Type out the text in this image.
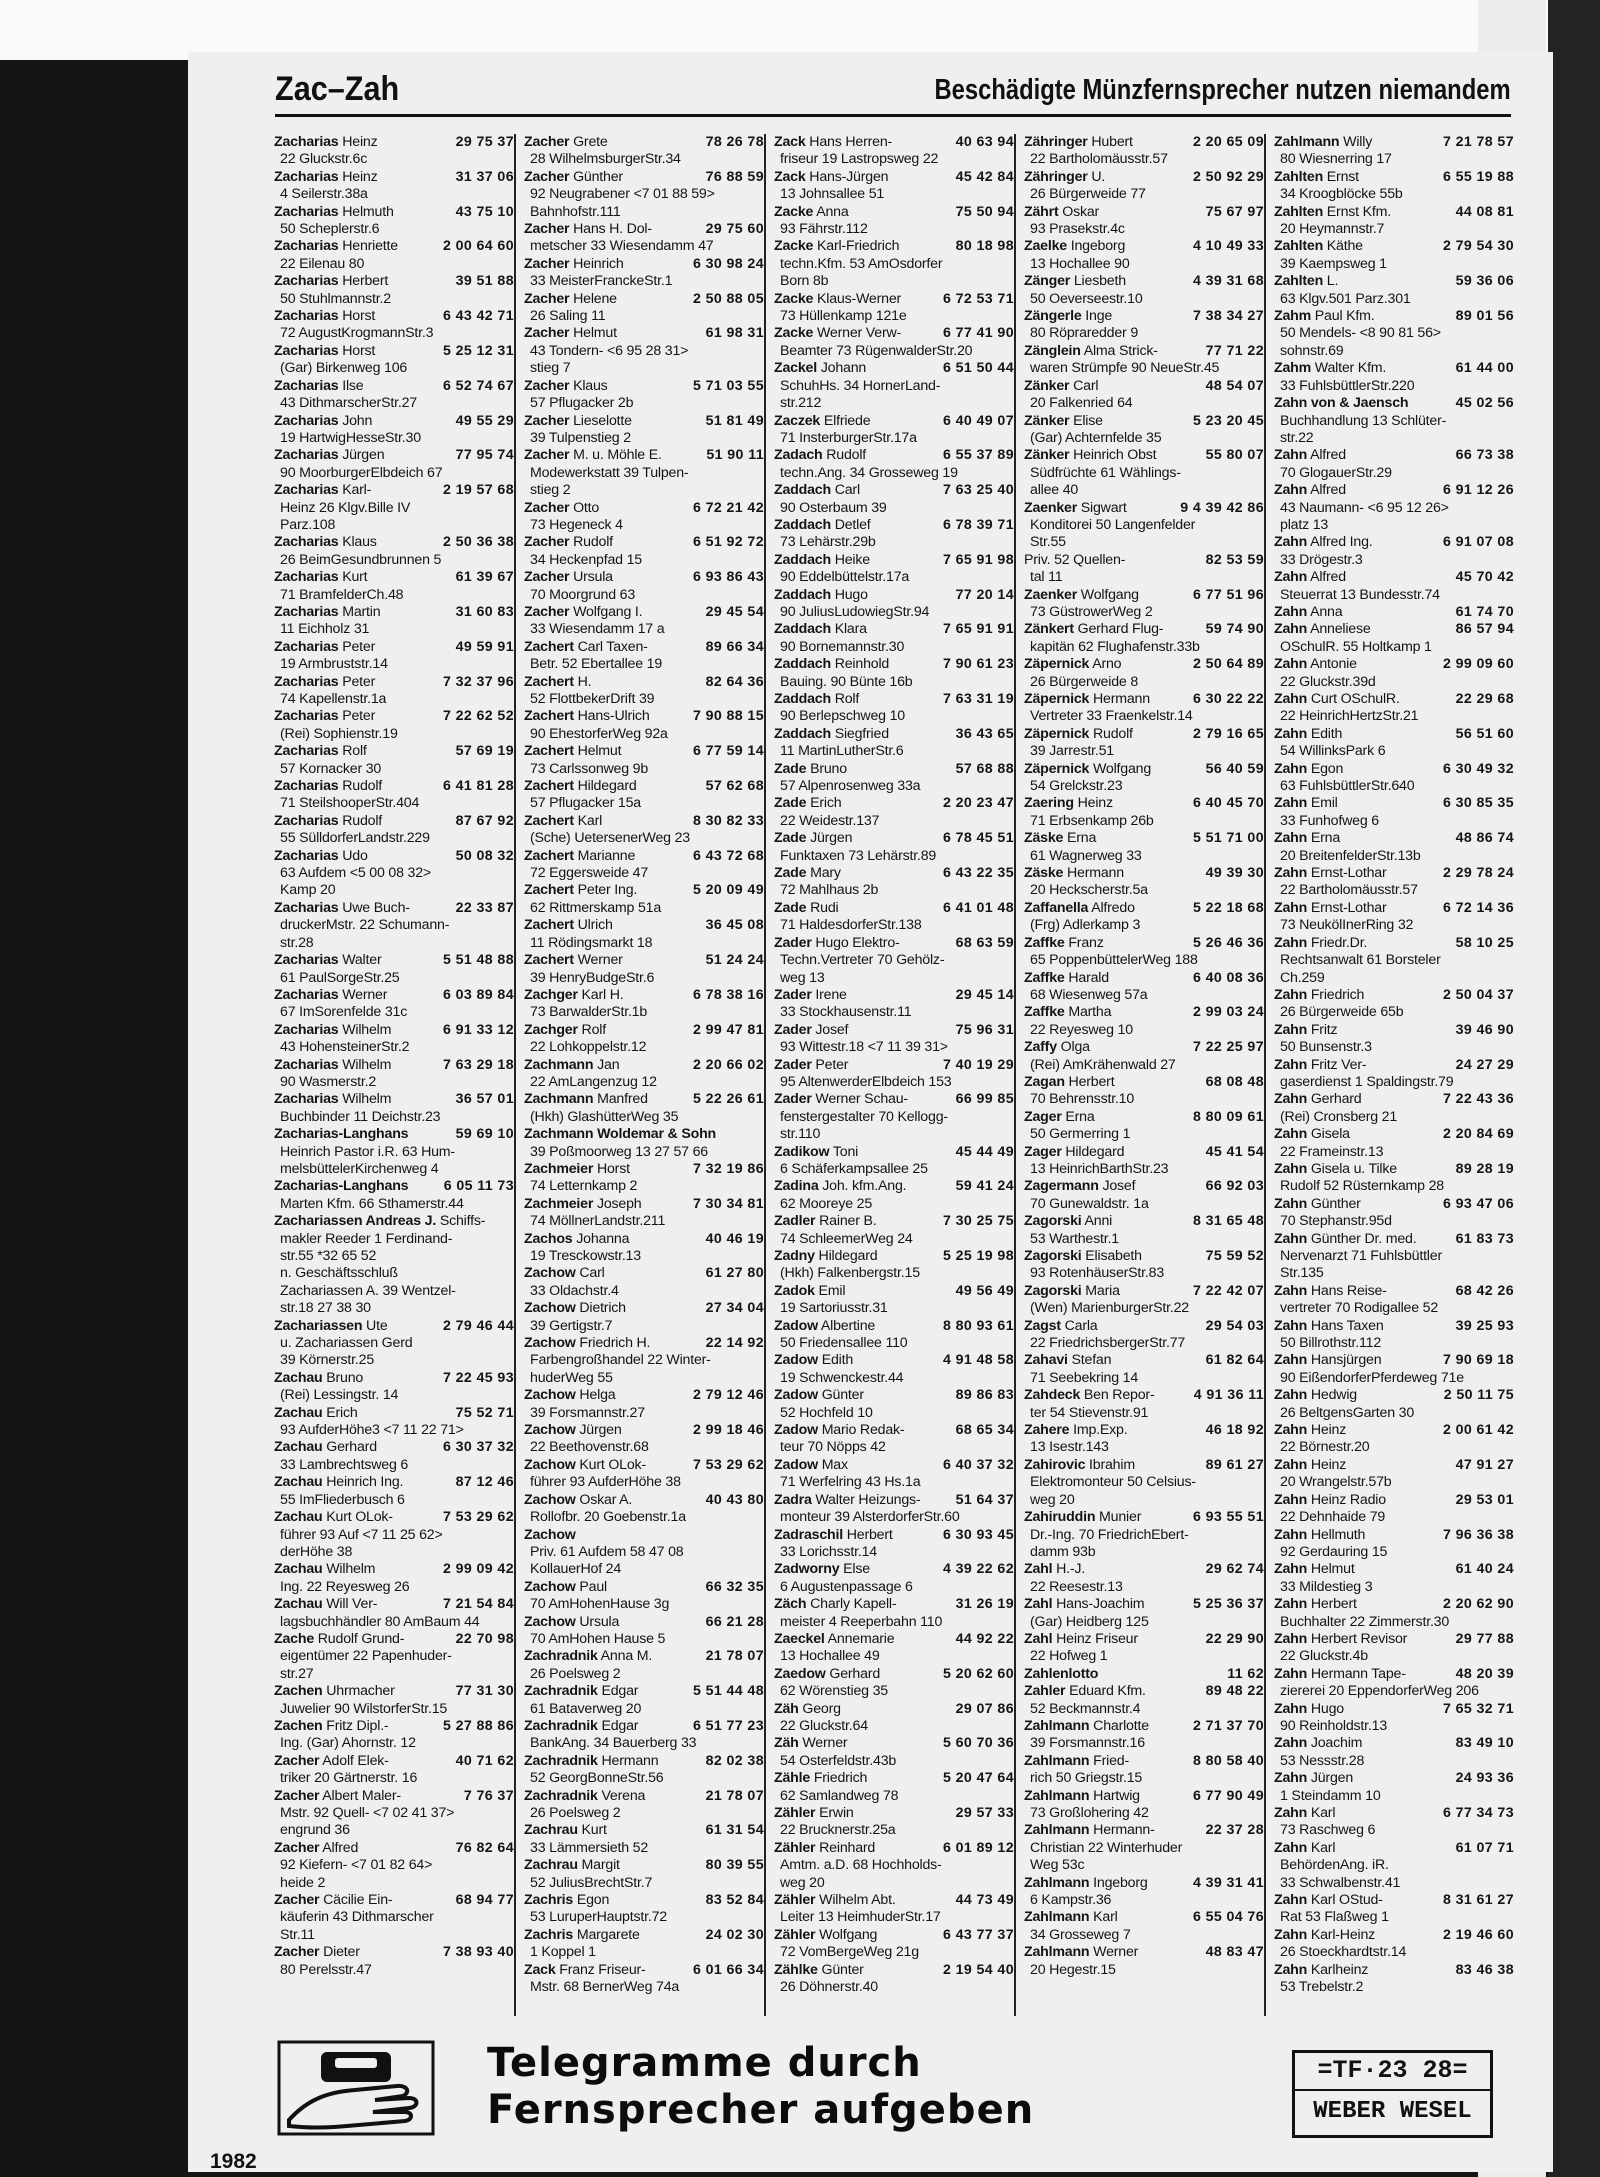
Zac–Zah	Beschädigte Münzfernsprecher nutzen niemandem
Zacharias Heinz	29 75 37
22 Gluckstr.6c
Zacharias Heinz	31 37 06
4 Seilerstr.38a
Zacharias Helmuth	43 75 10
50 Scheplerstr.6
Zacharias Henriette	2 00 64 60
22 Eilenau 80
Zacharias Herbert	39 51 88
50 Stuhlmannstr.2
Zacharias Horst	6 43 42 71
72 AugustKrogmannStr.3
Zacharias Horst	5 25 12 31
(Gar) Birkenweg 106
Zacharias Ilse	6 52 74 67
43 DithmarscherStr.27
Zacharias John	49 55 29
19 HartwigHesseStr.30
Zacharias Jürgen	77 95 74
90 MoorburgerElbdeich 67
Zacharias Karl-	2 19 57 68
Heinz 26 Klgv.Bille IV
Parz.108
Zacharias Klaus	2 50 36 38
26 BeimGesundbrunnen 5
Zacharias Kurt	61 39 67
71 BramfelderCh.48
Zacharias Martin	31 60 83
11 Eichholz 31
Zacharias Peter	49 59 91
19 Armbruststr.14
Zacharias Peter	7 32 37 96
74 Kapellenstr.1a
Zacharias Peter	7 22 62 52
(Rei) Sophienstr.19
Zacharias Rolf	57 69 19
57 Kornacker 30
Zacharias Rudolf	6 41 81 28
71 SteilshooperStr.404
Zacharias Rudolf	87 67 92
55 SülldorferLandstr.229
Zacharias Udo	50 08 32
63 Aufdem <5 00 08 32>
Kamp 20
Zacharias Uwe Buch-	22 33 87
druckerMstr. 22 Schumann-
str.28
Zacharias Walter	5 51 48 88
61 PaulSorgeStr.25
Zacharias Werner	6 03 89 84
67 ImSorenfelde 31c
Zacharias Wilhelm	6 91 33 12
43 HohensteinerStr.2
Zacharias Wilhelm	7 63 29 18
90 Wasmerstr.2
Zacharias Wilhelm	36 57 01
Buchbinder 11 Deichstr.23
Zacharias-Langhans	59 69 10
Heinrich Pastor i.R. 63 Hum-
melsbüttelerKirchenweg 4
Zacharias-Langhans 6 05 11 73
Marten Kfm. 66 Sthamerstr.44
Zachariassen Andreas J. Schiffs-
makler Reeder 1 Ferdinand-
str.55 *32 65 52
n. Geschäftsschluß
Zachariassen A. 39 Wentzel-
str.18 27 38 30
Zachariassen Ute	2 79 46 44
u. Zachariassen Gerd
39 Körnerstr.25
Zachau Bruno	7 22 45 93
(Rei) Lessingstr. 14
Zachau Erich	75 52 71
93 AufderHöhe3 <7 11 22 71>
Zachau Gerhard	6 30 37 32
33 Lambrechtsweg 6
Zachau Heinrich Ing.	87 12 46
55 ImFliederbusch 6
Zachau Kurt OLok-	7 53 29 62
führer 93 Auf <7 11 25 62>
derHöhe 38
Zachau Wilhelm	2 99 09 42
Ing. 22 Reyesweg 26
Zachau Will Ver-	7 21 54 84
lagsbuchhändler 80 AmBaum 44
Zache Rudolf Grund-	22 70 98
eigentümer 22 Papenhuder-
str.27
Zachen Uhrmacher	77 31 30
Juwelier 90 WilstorferStr.15
Zachen Fritz Dipl.-	5 27 88 86
Ing. (Gar) Ahornstr. 12
Zacher Adolf Elek-	40 71 62
triker 20 Gärtnerstr. 16
Zacher Albert Maler-	7 76 37
Mstr. 92 Quell- <7 02 41 37>
engrund 36
Zacher Alfred	76 82 64
92 Kiefern- <7 01 82 64>
heide 2
Zacher Cäcilie Ein-	68 94 77
käuferin 43 Dithmarscher
Str.11
Zacher Dieter	7 38 93 40
80 Perelsstr.47
Zacher Grete	78 26 78
28 WilhelmsburgerStr.34
Zacher Günther	76 88 59
92 Neugrabener <7 01 88 59>
Bahnhofstr.111
Zacher Hans H. Dol-	29 75 60
metscher 33 Wiesendamm 47
Zacher Heinrich	6 30 98 24
33 MeisterFranckeStr.1
Zacher Helene	2 50 88 05
26 Saling 11
Zacher Helmut	61 98 31
43 Tondern- <6 95 28 31>
stieg 7
Zacher Klaus	5 71 03 55
57 Pflugacker 2b
Zacher Lieselotte	51 81 49
39 Tulpenstieg 2
Zacher M. u. Möhle E.	51 90 11
Modewerkstatt 39 Tulpen-
stieg 2
Zacher Otto	6 72 21 42
73 Hegeneck 4
Zacher Rudolf	6 51 92 72
34 Heckenpfad 15
Zacher Ursula	6 93 86 43
70 Moorgrund 63
Zacher Wolfgang I.	29 45 54
33 Wiesendamm 17 a
Zachert Carl Taxen-	89 66 34
Betr. 52 Ebertallee 19
Zachert H.	82 64 36
52 FlottbekerDrift 39
Zachert Hans-Ulrich	7 90 88 15
90 EhestorferWeg 92a
Zachert Helmut	6 77 59 14
73 Carlssonweg 9b
Zachert Hildegard	57 62 68
57 Pflugacker 15a
Zachert Karl	8 30 82 33
(Sche) UetersenerWeg 23
Zachert Marianne	6 43 72 68
72 Eggersweide 47
Zachert Peter Ing.	5 20 09 49
62 Rittmerskamp 51a
Zachert Ulrich	36 45 08
11 Rödingsmarkt 18
Zachert Werner	51 24 24
39 HenryBudgeStr.6
Zachger Karl H.	6 78 38 16
73 BarwalderStr.1b
Zachger Rolf	2 99 47 81
22 Lohkoppelstr.12
Zachmann Jan	2 20 66 02
22 AmLangenzug 12
Zachmann Manfred	5 22 26 61
(Hkh) GlashütterWeg 35
Zachmann Woldemar & Sohn
39 Poßmoorweg 13 27 57 66
Zachmeier Horst	7 32 19 86
74 Letternkamp 2
Zachmeier Joseph	7 30 34 81
74 MöllnerLandstr.211
Zachos Johanna	40 46 19
19 Tresckowstr.13
Zachow Carl	61 27 80
33 Oldachstr.4
Zachow Dietrich	27 34 04
39 Gertigstr.7
Zachow Friedrich H.	22 14 92
Farbengroßhandel 22 Winter-
huderWeg 55
Zachow Helga	2 79 12 46
39 Forsmannstr.27
Zachow Jürgen	2 99 18 46
22 Beethovenstr.68
Zachow Kurt OLok-	7 53 29 62
führer 93 AufderHöhe 38
Zachow Oskar A.	40 43 80
Rollofbr. 20 Goebenstr.1a
Zachow
Priv. 61 Aufdem 58 47 08
KollauerHof 24
Zachow Paul	66 32 35
70 AmHohenHause 3g
Zachow Ursula	66 21 28
70 AmHohen Hause 5
Zachradnik Anna M.	21 78 07
26 Poelsweg 2
Zachradnik Edgar	5 51 44 48
61 Bataverweg 20
Zachradnik Edgar	6 51 77 23
BankAng. 34 Bauerberg 33
Zachradnik Hermann	82 02 38
52 GeorgBonneStr.56
Zachradnik Verena	21 78 07
26 Poelsweg 2
Zachrau Kurt	61 31 54
33 Lämmersieth 52
Zachrau Margit	80 39 55
52 JuliusBrechtStr.7
Zachris Egon	83 52 84
53 LuruperHauptstr.72
Zachris Margarete	24 02 30
1 Koppel 1
Zack Franz Friseur-	6 01 66 34
Mstr. 68 BernerWeg 74a
Zack Hans Herren-	40 63 94
friseur 19 Lastropsweg 22
Zack Hans-Jürgen	45 42 84
13 Johnsallee 51
Zacke Anna	75 50 94
93 Fährstr.112
Zacke Karl-Friedrich	80 18 98
techn.Kfm. 53 AmOsdorfer
Born 8b
Zacke Klaus-Werner	6 72 53 71
73 Hüllenkamp 121e
Zacke Werner Verw-	6 77 41 90
Beamter 73 RügenwalderStr.20
Zackel Johann	6 51 50 44
SchuhHs. 34 HornerLand-
str.212
Zaczek Elfriede	6 40 49 07
71 InsterburgerStr.17a
Zadach Rudolf	6 55 37 89
techn.Ang. 34 Grosseweg 19
Zaddach Carl	7 63 25 40
90 Osterbaum 39
Zaddach Detlef	6 78 39 71
73 Lehärstr.29b
Zaddach Heike	7 65 91 98
90 Eddelbüttelstr.17a
Zaddach Hugo	77 20 14
90 JuliusLudowiegStr.94
Zaddach Klara	7 65 91 91
90 Bornemannstr.30
Zaddach Reinhold	7 90 61 23
Bauing. 90 Bünte 16b
Zaddach Rolf	7 63 31 19
90 Berlepschweg 10
Zaddach Siegfried	36 43 65
11 MartinLutherStr.6
Zade Bruno	57 68 88
57 Alpenrosenweg 33a
Zade Erich	2 20 23 47
22 Weidestr.137
Zade Jürgen	6 78 45 51
Funktaxen 73 Lehärstr.89
Zade Mary	6 43 22 35
72 Mahlhaus 2b
Zade Rudi	6 41 01 48
71 HaldesdorferStr.138
Zader Hugo Elektro-	68 63 59
Techn.Vertreter 70 Gehölz-
weg 13
Zader Irene	29 45 14
33 Stockhausenstr.11
Zader Josef	75 96 31
93 Wittestr.18 <7 11 39 31>
Zader Peter	7 40 19 29
95 AltenwerderElbdeich 153
Zader Werner Schau-	66 99 85
fenstergestalter 70 Kellogg-
str.110
Zadikow Toni	45 44 49
6 Schäferkampsallee 25
Zadina Joh. kfm.Ang.	59 41 24
62 Mooreye 25
Zadler Rainer B.	7 30 25 75
74 SchleemerWeg 24
Zadny Hildegard	5 25 19 98
(Hkh) Falkenbergstr.15
Zadok Emil	49 56 49
19 Sartoriusstr.31
Zadow Albertine	8 80 93 61
50 Friedensallee 110
Zadow Edith	4 91 48 58
19 Schwenckestr.44
Zadow Günter	89 86 83
52 Hochfeld 10
Zadow Mario Redak-	68 65 34
teur 70 Nöpps 42
Zadow Max	6 40 37 32
71 Werfelring 43 Hs.1a
Zadra Walter Heizungs- 51 64 37
monteur 39 AlsterdorferStr.60
Zadraschil Herbert	6 30 93 45
33 Lorichsstr.14
Zadworny Else	4 39 22 62
6 Augustenpassage 6
Zäch Charly Kapell-	31 26 19
meister 4 Reeperbahn 110
Zaeckel Annemarie	44 92 22
13 Hochallee 49
Zaedow Gerhard	5 20 62 60
62 Wörenstieg 35
Zäh Georg	29 07 86
22 Gluckstr.64
Zäh Werner	5 60 70 36
54 Osterfeldstr.43b
Zähle Friedrich	5 20 47 64
62 Samlandweg 78
Zähler Erwin	29 57 33
22 Brucknerstr.25a
Zähler Reinhard	6 01 89 12
Amtm. a.D. 68 Hochholds-
weg 20
Zähler Wilhelm Abt.	44 73 49
Leiter 13 HeimhuderStr.17
Zähler Wolfgang	6 43 77 37
72 VomBergeWeg 21g
Zählke Günter	2 19 54 40
26 Döhnerstr.40
Zähringer Hubert	2 20 65 09
22 Bartholomäusstr.57
Zähringer U.	2 50 92 29
26 Bürgerweide 77
Zährt Oskar	75 67 97
93 Prasekstr.4c
Zaelke Ingeborg	4 10 49 33
13 Hochallee 90
Zänger Liesbeth	4 39 31 68
50 Oeverseestr.10
Zängerle Inge	7 38 34 27
80 Röpraredder 9
Zänglein Alma Strick-	77 71 22
waren Strümpfe 90 NeueStr.45
Zänker Carl	48 54 07
20 Falkenried 64
Zänker Elise	5 23 20 45
(Gar) Achternfelde 35
Zänker Heinrich Obst	55 80 07
Südfrüchte 61 Wählings-
allee 40
Zaenker Sigwart	9 4 39 42 86
Konditorei 50 Langenfelder
Str.55
Priv. 52 Quellen-	82 53 59
tal 11
Zaenker Wolfgang	6 77 51 96
73 GüstrowerWeg 2
Zänkert Gerhard Flug-	59 74 90
kapitän 62 Flughafenstr.33b
Zäpernick Arno	2 50 64 89
26 Bürgerweide 8
Zäpernick Hermann	6 30 22 22
Vertreter 33 Fraenkelstr.14
Zäpernick Rudolf	2 79 16 65
39 Jarrestr.51
Zäpernick Wolfgang	56 40 59
54 Grelckstr.23
Zaering Heinz	6 40 45 70
71 Erbsenkamp 26b
Zäske Erna	5 51 71 00
61 Wagnerweg 33
Zäske Hermann	49 39 30
20 Heckscherstr.5a
Zaffanella Alfredo	5 22 18 68
(Frg) Adlerkamp 3
Zaffke Franz	5 26 46 36
65 PoppenbüttelerWeg 188
Zaffke Harald	6 40 08 36
68 Wiesenweg 57a
Zaffke Martha	2 99 03 24
22 Reyesweg 10
Zaffy Olga	7 22 25 97
(Rei) AmKrähenwald 27
Zagan Herbert	68 08 48
70 Behrensstr.10
Zager Erna	8 80 09 61
50 Germerring 1
Zager Hildegard	45 41 54
13 HeinrichBarthStr.23
Zagermann Josef	66 92 03
70 Gunewaldstr. 1a
Zagorski Anni	8 31 65 48
53 Warthestr.1
Zagorski Elisabeth	75 59 52
93 RotenhäuserStr.83
Zagorski Maria	7 22 42 07
(Wen) MarienburgerStr.22
Zagst Carla	29 54 03
22 FriedrichsbergerStr.77
Zahavi Stefan	61 82 64
71 Seebekring 14
Zahdeck Ben Repor-	4 91 36 11
ter 54 Stievenstr.91
Zahere Imp.Exp.	46 18 92
13 Isestr.143
Zahirovic Ibrahim	89 61 27
Elektromonteur 50 Celsius-
weg 20
Zahiruddin Munier	6 93 55 51
Dr.-Ing. 70 FriedrichEbert-
damm 93b
Zahl H.-J.	29 62 74
22 Reesestr.13
Zahl Hans-Joachim	5 25 36 37
(Gar) Heidberg 125
Zahl Heinz Friseur	22 29 90
22 Hofweg 1
Zahlenlotto	11 62
Zahler Eduard Kfm.	89 48 22
52 Beckmannstr.4
Zahlmann Charlotte	2 71 37 70
39 Forsmannstr.16
Zahlmann Fried-	8 80 58 40
rich 50 Griegstr.15
Zahlmann Hartwig	6 77 90 49
73 Großlohering 42
Zahlmann Hermann-	22 37 28
Christian 22 Winterhuder
Weg 53c
Zahlmann Ingeborg	4 39 31 41
6 Kampstr.36
Zahlmann Karl	6 55 04 76
34 Grosseweg 7
Zahlmann Werner	48 83 47
20 Hegestr.15
Zahlmann Willy	7 21 78 57
80 Wiesnerring 17
Zahlten Ernst	6 55 19 88
34 Kroogblöcke 55b
Zahlten Ernst Kfm.	44 08 81
20 Heymannstr.7
Zahlten Käthe	2 79 54 30
39 Kaempsweg 1
Zahlten L.	59 36 06
63 Klgv.501 Parz.301
Zahm Paul Kfm.	89 01 56
50 Mendels- <8 90 81 56>
sohnstr.69
Zahm Walter Kfm.	61 44 00
33 FuhlsbüttlerStr.220
Zahn von & Jaensch	45 02 56
Buchhandlung 13 Schlüter-
str.22
Zahn Alfred	66 73 38
70 GlogauerStr.29
Zahn Alfred	6 91 12 26
43 Naumann- <6 95 12 26>
platz 13
Zahn Alfred Ing.	6 91 07 08
33 Drögestr.3
Zahn Alfred	45 70 42
Steuerrat 13 Bundesstr.74
Zahn Anna	61 74 70
Zahn Anneliese	86 57 94
OSchulR. 55 Holtkamp 1
Zahn Antonie	2 99 09 60
22 Gluckstr.39d
Zahn Curt OSchulR.	22 29 68
22 HeinrichHertzStr.21
Zahn Edith	56 51 60
54 WillinksPark 6
Zahn Egon	6 30 49 32
63 FuhlsbüttlerStr.640
Zahn Emil	6 30 85 35
33 Funhofweg 6
Zahn Erna	48 86 74
20 BreitenfelderStr.13b
Zahn Ernst-Lothar	2 29 78 24
22 Bartholomäusstr.57
Zahn Ernst-Lothar	6 72 14 36
73 NeukölInerRing 32
Zahn Friedr.Dr.	58 10 25
Rechtsanwalt 61 Borsteler
Ch.259
Zahn Friedrich	2 50 04 37
26 Bürgerweide 65b
Zahn Fritz	39 46 90
50 Bunsenstr.3
Zahn Fritz Ver-	24 27 29
gaserdienst 1 Spaldingstr.79
Zahn Gerhard	7 22 43 36
(Rei) Cronsberg 21
Zahn Gisela	2 20 84 69
22 Frameinstr.13
Zahn Gisela u. Tilke	89 28 19
Rudolf 52 Rüsternkamp 28
Zahn Günther	6 93 47 06
70 Stephanstr.95d
Zahn Günther Dr. med.	61 83 73
Nervenarzt 71 Fuhlsbüttler
Str.135
Zahn Hans Reise-	68 42 26
vertreter 70 Rodigallee 52
Zahn Hans Taxen	39 25 93
50 Billrothstr.112
Zahn Hansjürgen	7 90 69 18
90 EißendorferPferdeweg 71e
Zahn Hedwig	2 50 11 75
26 BeltgensGarten 30
Zahn Heinz	2 00 61 42
22 Börnestr.20
Zahn Heinz	47 91 27
20 Wrangelstr.57b
Zahn Heinz Radio	29 53 01
22 Dehnhaide 79
Zahn Hellmuth	7 96 36 38
92 Gerdauring 15
Zahn Helmut	61 40 24
33 Mildestieg 3
Zahn Herbert	2 20 62 90
Buchhalter 22 Zimmerstr.30
Zahn Herbert Revisor	29 77 88
22 Gluckstr.4b
Zahn Hermann Tape-	48 20 39
ziererei 20 EppendorferWeg 206
Zahn Hugo	7 65 32 71
90 Reinholdstr.13
Zahn Joachim	83 49 10
53 Nessstr.28
Zahn Jürgen	24 93 36
1 Steindamm 10
Zahn Karl	6 77 34 73
73 Raschweg 6
Zahn Karl	61 07 71
BehördenAng. iR.
33 Schwalbenstr.41
Zahn Karl OStud-	8 31 61 27
Rat 53 Flaßweg 1
Zahn Karl-Heinz	2 19 46 60
26 Stoeckhardtstr.14
Zahn Karlheinz	83 46 38
53 Trebelstr.2
Telegramme durch
Fernsprecher aufgeben
=TF·23 28=
WEBER WESEL
1982
